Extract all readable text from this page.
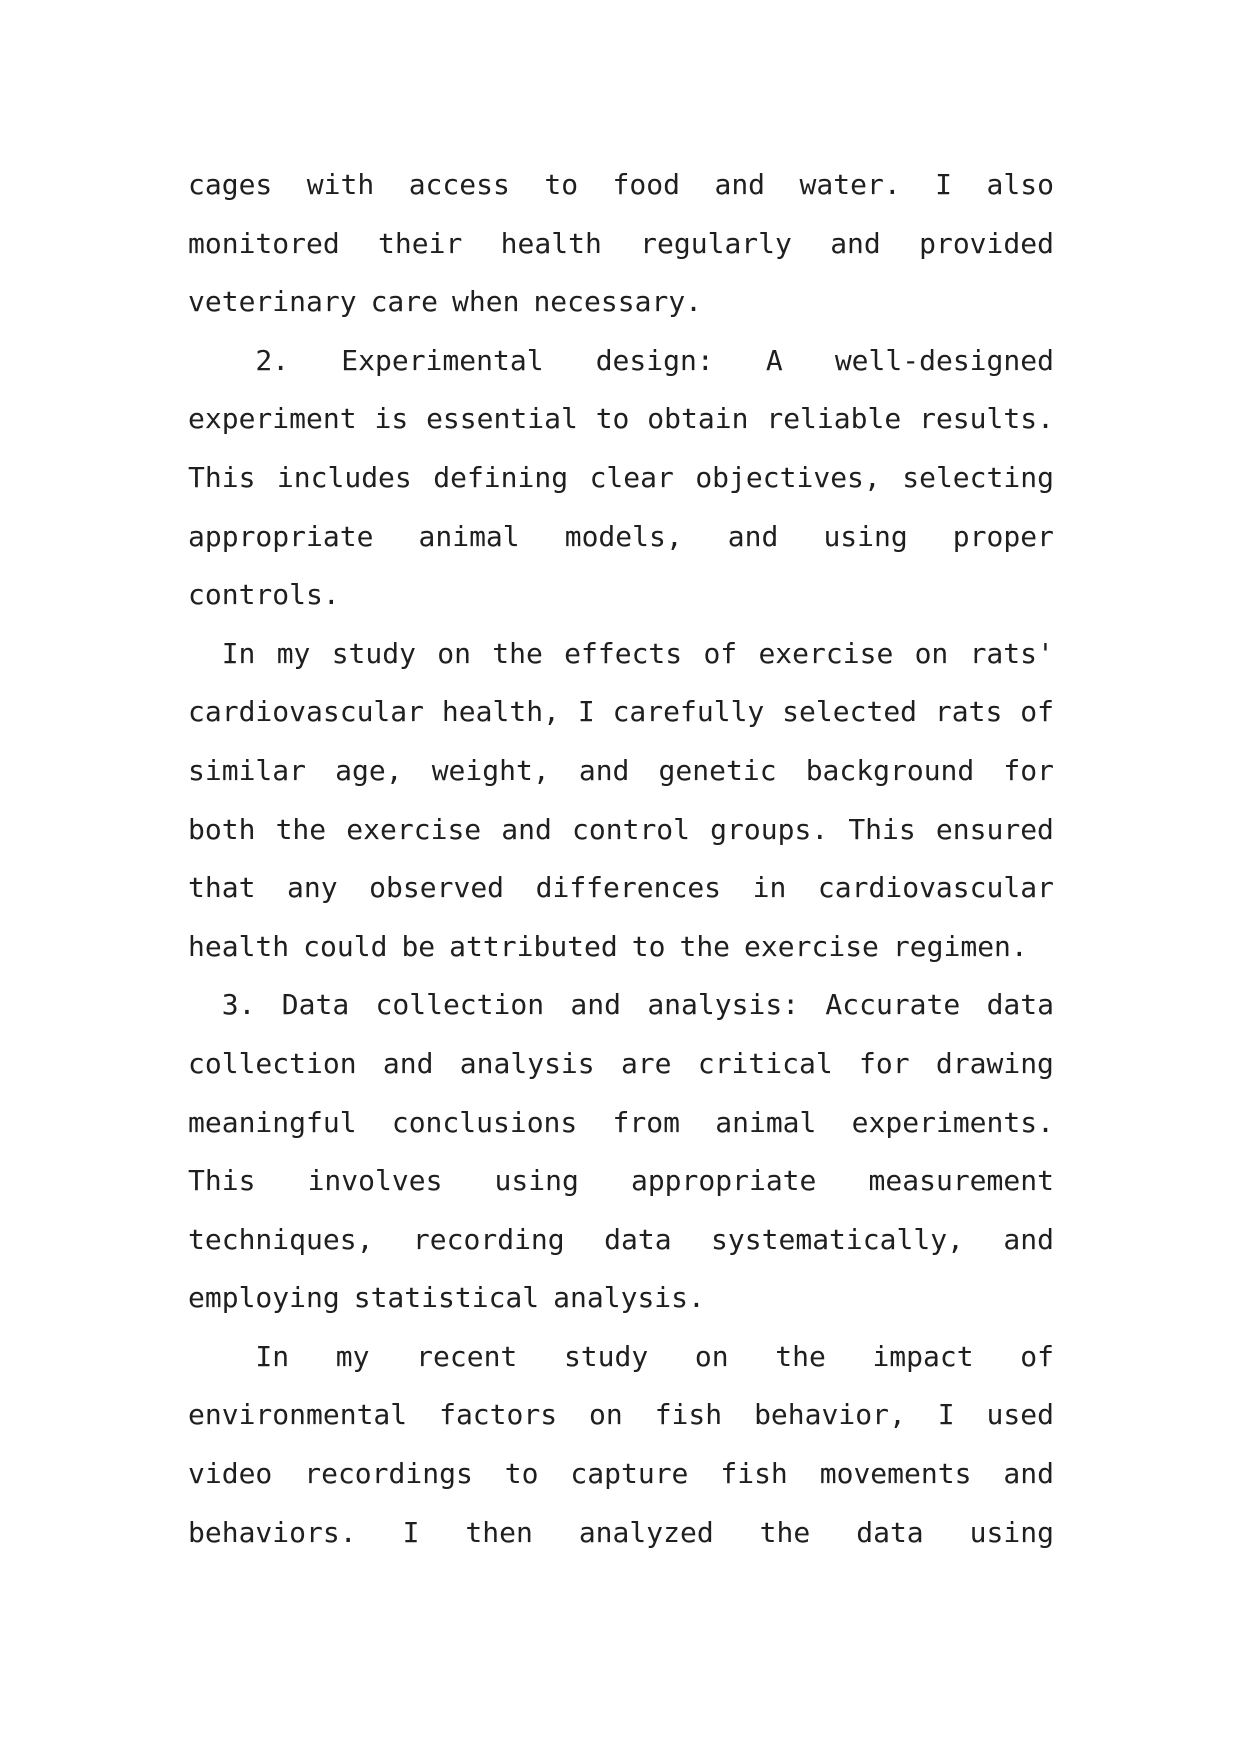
cages with access to food and water. I also
monitored their health regularly and provided
veterinary care when necessary.
2. Experimental design: A well-designed
experiment is essential to obtain reliable results.
This includes defining clear objectives, selecting
appropriate animal models, and using proper
controls.
In my study on the effects of exercise on rats'
cardiovascular health, I carefully selected rats of
similar age, weight, and genetic background for
both the exercise and control groups. This ensured
that any observed differences in cardiovascular
health could be attributed to the exercise regimen.
3. Data collection and analysis: Accurate data
collection and analysis are critical for drawing
meaningful conclusions from animal experiments.
This involves using appropriate measurement
techniques, recording data systematically, and
employing statistical analysis.
In my recent study on the impact of
environmental factors on fish behavior, I used
video recordings to capture fish movements and
behaviors. I then analyzed the data using
